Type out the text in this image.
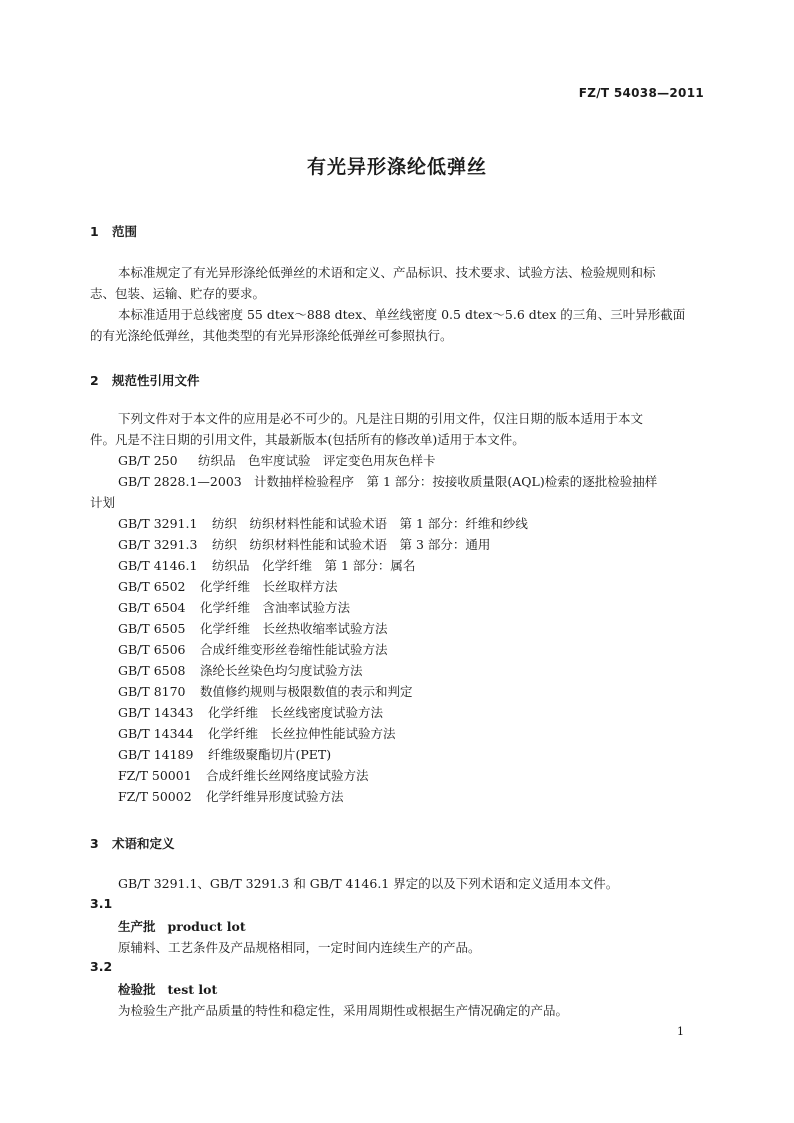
FZ/T 54038—2011
有光异形涤纶低弹丝
1 范围
本标准规定了有光异形涤纶低弹丝的术语和定义、产品标识、技术要求、试验方法、检验规则和标
志、包装、运输、贮存的要求。
本标准适用于总线密度 55 dtex～888 dtex、单丝线密度 0.5 dtex～5.6 dtex 的三角、三叶异形截面
的有光涤纶低弹丝，其他类型的有光异形涤纶低弹丝可参照执行。
2 规范性引用文件
下列文件对于本文件的应用是必不可少的。凡是注日期的引用文件，仅注日期的版本适用于本文
件。凡是不注日期的引用文件，其最新版本(包括所有的修改单)适用于本文件。
GB/T 250 纺织品　色牢度试验　评定变色用灰色样卡
GB/T 2828.1—2003 计数抽样检验程序　第 1 部分：按接收质量限(AQL)检索的逐批检验抽样
计划
GB/T 3291.1 纺织　纺织材料性能和试验术语　第 1 部分：纤维和纱线
GB/T 3291.3 纺织　纺织材料性能和试验术语　第 3 部分：通用
GB/T 4146.1 纺织品　化学纤维　第 1 部分：属名
GB/T 6502 化学纤维　长丝取样方法
GB/T 6504 化学纤维　含油率试验方法
GB/T 6505 化学纤维　长丝热收缩率试验方法
GB/T 6506 合成纤维变形丝卷缩性能试验方法
GB/T 6508 涤纶长丝染色均匀度试验方法
GB/T 8170 数值修约规则与极限数值的表示和判定
GB/T 14343 化学纤维　长丝线密度试验方法
GB/T 14344 化学纤维　长丝拉伸性能试验方法
GB/T 14189 纤维级聚酯切片(PET)
FZ/T 50001 合成纤维长丝网络度试验方法
FZ/T 50002 化学纤维异形度试验方法
3 术语和定义
GB/T 3291.1、GB/T 3291.3 和 GB/T 4146.1 界定的以及下列术语和定义适用本文件。
3.1
生产批 product lot
原辅料、工艺条件及产品规格相同，一定时间内连续生产的产品。
3.2
检验批 test lot
为检验生产批产品质量的特性和稳定性，采用周期性或根据生产情况确定的产品。
1
